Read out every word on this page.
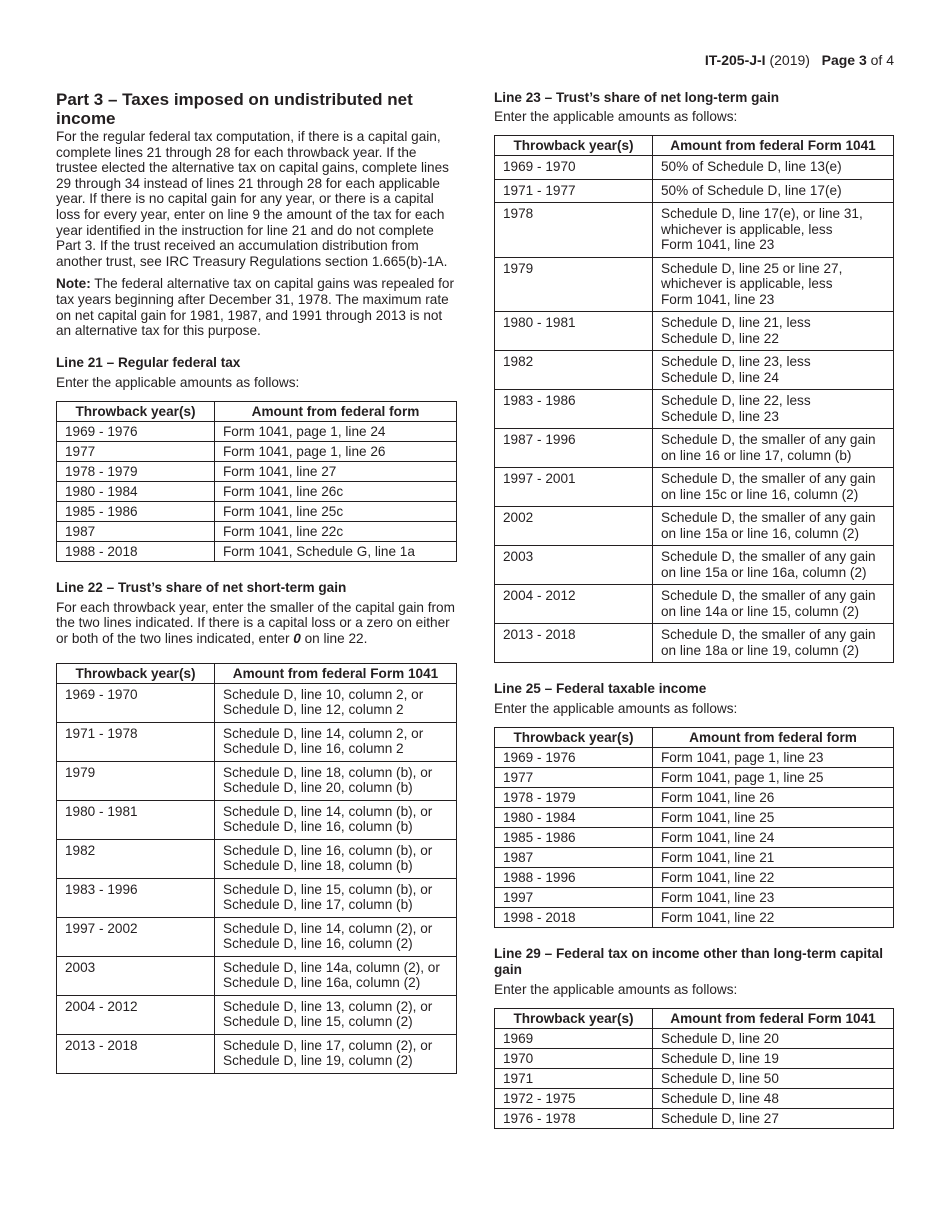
IT-205-J-I (2019) Page 3 of 4
Part 3 – Taxes imposed on undistributed net income

For the regular federal tax computation, if there is a capital gain, complete lines 21 through 28 for each throwback year. If the trustee elected the alternative tax on capital gains, complete lines 29 through 34 instead of lines 21 through 28 for each applicable year. If there is no capital gain for any year, or there is a capital loss for every year, enter on line 9 the amount of the tax for each year identified in the instruction for line 21 and do not complete Part 3. If the trust received an accumulation distribution from another trust, see IRC Treasury Regulations section 1.665(b)-1A.

Note: The federal alternative tax on capital gains was repealed for tax years beginning after December 31, 1978. The maximum rate on net capital gain for 1981, 1987, and 1991 through 2013 is not an alternative tax for this purpose.

Line 21 – Regular federal tax

Enter the applicable amounts as follows:

Throwback year(s)	Amount from federal form
1969 - 1976	Form 1041, page 1, line 24
1977	Form 1041, page 1, line 26
1978 - 1979	Form 1041, line 27
1980 - 1984	Form 1041, line 26c
1985 - 1986	Form 1041, line 25c
1987	Form 1041, line 22c
1988 - 2018	Form 1041, Schedule G, line 1a
Line 22 – Trust’s share of net short-term gain

For each throwback year, enter the smaller of the capital gain from the two lines indicated. If there is a capital loss or a zero on either or both of the two lines indicated, enter 0 on line 22.

Throwback year(s)	Amount from federal Form 1041
1969 - 1970	Schedule D, line 10, column 2, or
Schedule D, line 12, column 2
1971 - 1978	Schedule D, line 14, column 2, or
Schedule D, line 16, column 2
1979	Schedule D, line 18, column (b), or
Schedule D, line 20, column (b)
1980 - 1981	Schedule D, line 14, column (b), or
Schedule D, line 16, column (b)
1982	Schedule D, line 16, column (b), or
Schedule D, line 18, column (b)
1983 - 1996	Schedule D, line 15, column (b), or
Schedule D, line 17, column (b)
1997 - 2002	Schedule D, line 14, column (2), or
Schedule D, line 16, column (2)
2003	Schedule D, line 14a, column (2), or
Schedule D, line 16a, column (2)
2004 - 2012	Schedule D, line 13, column (2), or
Schedule D, line 15, column (2)
2013 - 2018	Schedule D, line 17, column (2), or
Schedule D, line 19, column (2)
Line 23 – Trust’s share of net long-term gain

Enter the applicable amounts as follows:

Throwback year(s)	Amount from federal Form 1041
1969 - 1970	50% of Schedule D, line 13(e)
1971 - 1977	50% of Schedule D, line 17(e)
1978	Schedule D, line 17(e), or line 31,
whichever is applicable, less
Form 1041, line 23
1979	Schedule D, line 25 or line 27,
whichever is applicable, less
Form 1041, line 23
1980 - 1981	Schedule D, line 21, less
Schedule D, line 22
1982	Schedule D, line 23, less
Schedule D, line 24
1983 - 1986	Schedule D, line 22, less
Schedule D, line 23
1987 - 1996	Schedule D, the smaller of any gain
on line 16 or line 17, column (b)
1997 - 2001	Schedule D, the smaller of any gain
on line 15c or line 16, column (2)
2002	Schedule D, the smaller of any gain
on line 15a or line 16, column (2)
2003	Schedule D, the smaller of any gain
on line 15a or line 16a, column (2)
2004 - 2012	Schedule D, the smaller of any gain
on line 14a or line 15, column (2)
2013 - 2018	Schedule D, the smaller of any gain
on line 18a or line 19, column (2)
Line 25 – Federal taxable income

Enter the applicable amounts as follows:

Throwback year(s)	Amount from federal form
1969 - 1976	Form 1041, page 1, line 23
1977	Form 1041, page 1, line 25
1978 - 1979	Form 1041, line 26
1980 - 1984	Form 1041, line 25
1985 - 1986	Form 1041, line 24
1987	Form 1041, line 21
1988 - 1996	Form 1041, line 22
1997	Form 1041, line 23
1998 - 2018	Form 1041, line 22
Line 29 – Federal tax on income other than long-term capital gain

Enter the applicable amounts as follows:

Throwback year(s)	Amount from federal Form 1041
1969	Schedule D, line 20
1970	Schedule D, line 19
1971	Schedule D, line 50
1972 - 1975	Schedule D, line 48
1976 - 1978	Schedule D, line 27
